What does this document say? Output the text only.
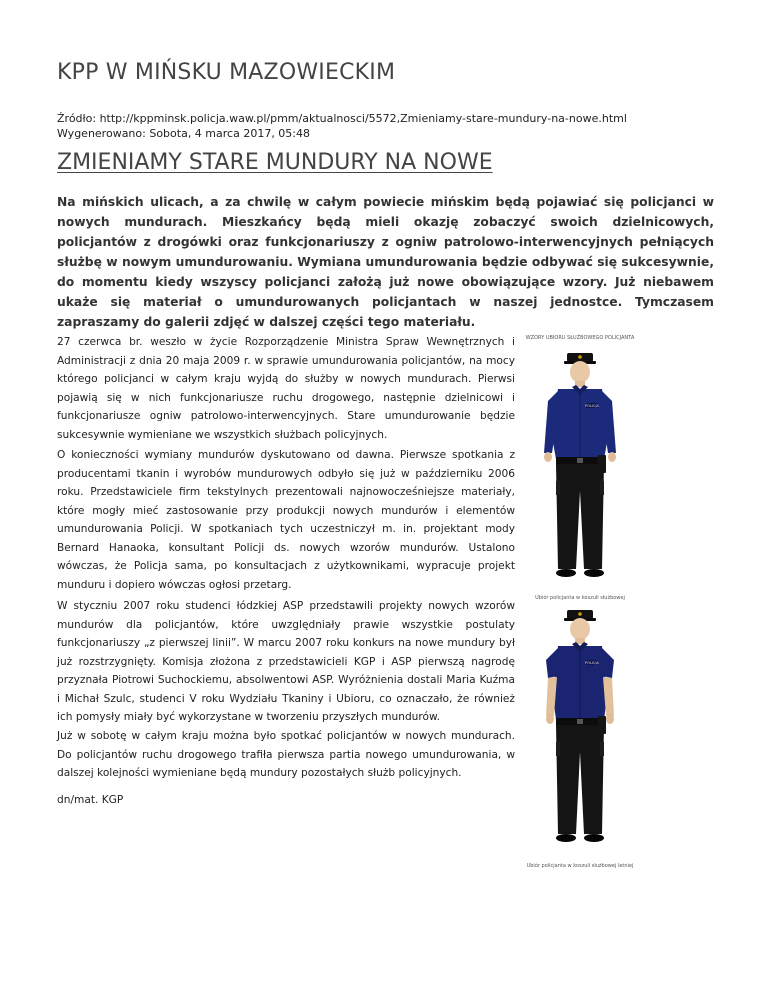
KPP W MIŃSKU MAZOWIECKIM
Źródło: http://kppminsk.policja.waw.pl/pmm/aktualnosci/5572,Zmieniamy-stare-mundury-na-nowe.html
Wygenerowano: Sobota, 4 marca 2017, 05:48
ZMIENIAMY STARE MUNDURY NA NOWE

Na mińskich ulicach, a za chwilę w całym powiecie mińskim będą pojawiać się policjanci w nowych mundurach. Mieszkańcy będą mieli okazję zobaczyć swoich dzielnicowych, policjantów z drogówki oraz funkcjonariuszy z ogniw patrolowo-interwencyjnych pełniących służbę w nowym umundurowaniu. Wymiana umundurowania będzie odbywać się sukcesywnie, do momentu kiedy wszyscy policjanci założą już nowe obowiązujące wzory. Już niebawem ukaże się materiał o umundurowanych policjantach w naszej jednostce. Tymczasem zapraszamy do galerii zdjęć w dalszej części tego materiału.

27 czerwca br. weszło w życie Rozporządzenie Ministra Spraw Wewnętrznych i Administracji z dnia 20 maja 2009 r. w sprawie umundurowania policjantów, na mocy którego policjanci w całym kraju wyjdą do służby w nowych mundurach. Pierwsi pojawią się w nich funkcjonariusze ruchu drogowego, następnie dzielnicowi i funkcjonariusze ogniw patrolowo-interwencyjnych. Stare umundurowanie będzie sukcesywnie wymieniane we wszystkich służbach policyjnych.

O konieczności wymiany mundurów dyskutowano od dawna. Pierwsze spotkania z producentami tkanin i wyrobów mundurowych odbyło się już w październiku 2006 roku. Przedstawiciele firm tekstylnych prezentowali najnowocześniejsze materiały, które mogły mieć zastosowanie przy produkcji nowych mundurów i elementów umundurowania Policji. W spotkaniach tych uczestniczył m. in. projektant mody Bernard Hanaoka, konsultant Policji ds. nowych wzorów mundurów. Ustalono wówczas, że Policja sama, po konsultacjach z użytkownikami, wypracuje projekt munduru i dopiero wówczas ogłosi przetarg.

W styczniu 2007 roku studenci łódzkiej ASP przedstawili projekty nowych wzorów mundurów dla policjantów, które uwzględniały prawie wszystkie postulaty funkcjonariuszy „z pierwszej linii”. W marcu 2007 roku konkurs na nowe mundury był już rozstrzygnięty. Komisja złożona z przedstawicieli KGP i ASP pierwszą nagrodę przyznała Piotrowi Suchockiemu, absolwentowi ASP. Wyróżnienia dostali Maria Kuźma i Michał Szulc, studenci V roku Wydziału Tkaniny i Ubioru, co oznaczało, że również ich pomysły miały być wykorzystane w tworzeniu przyszłych mundurów.

Już w sobotę w całym kraju można było spotkać policjantów w nowych mundurach. Do policjantów ruchu drogowego trafiła pierwsza partia nowego umundurowania, w dalszej kolejności wymieniane będą mundury pozostałych służb policyjnych.

dn/mat. KGP

WZORY UBIORU SŁUŻBOWEGO POLICJANTA
POLICJA
Ubiór policjanta w koszuli służbowej
POLICJA
Ubiór policjanta w koszuli służbowej letniej
